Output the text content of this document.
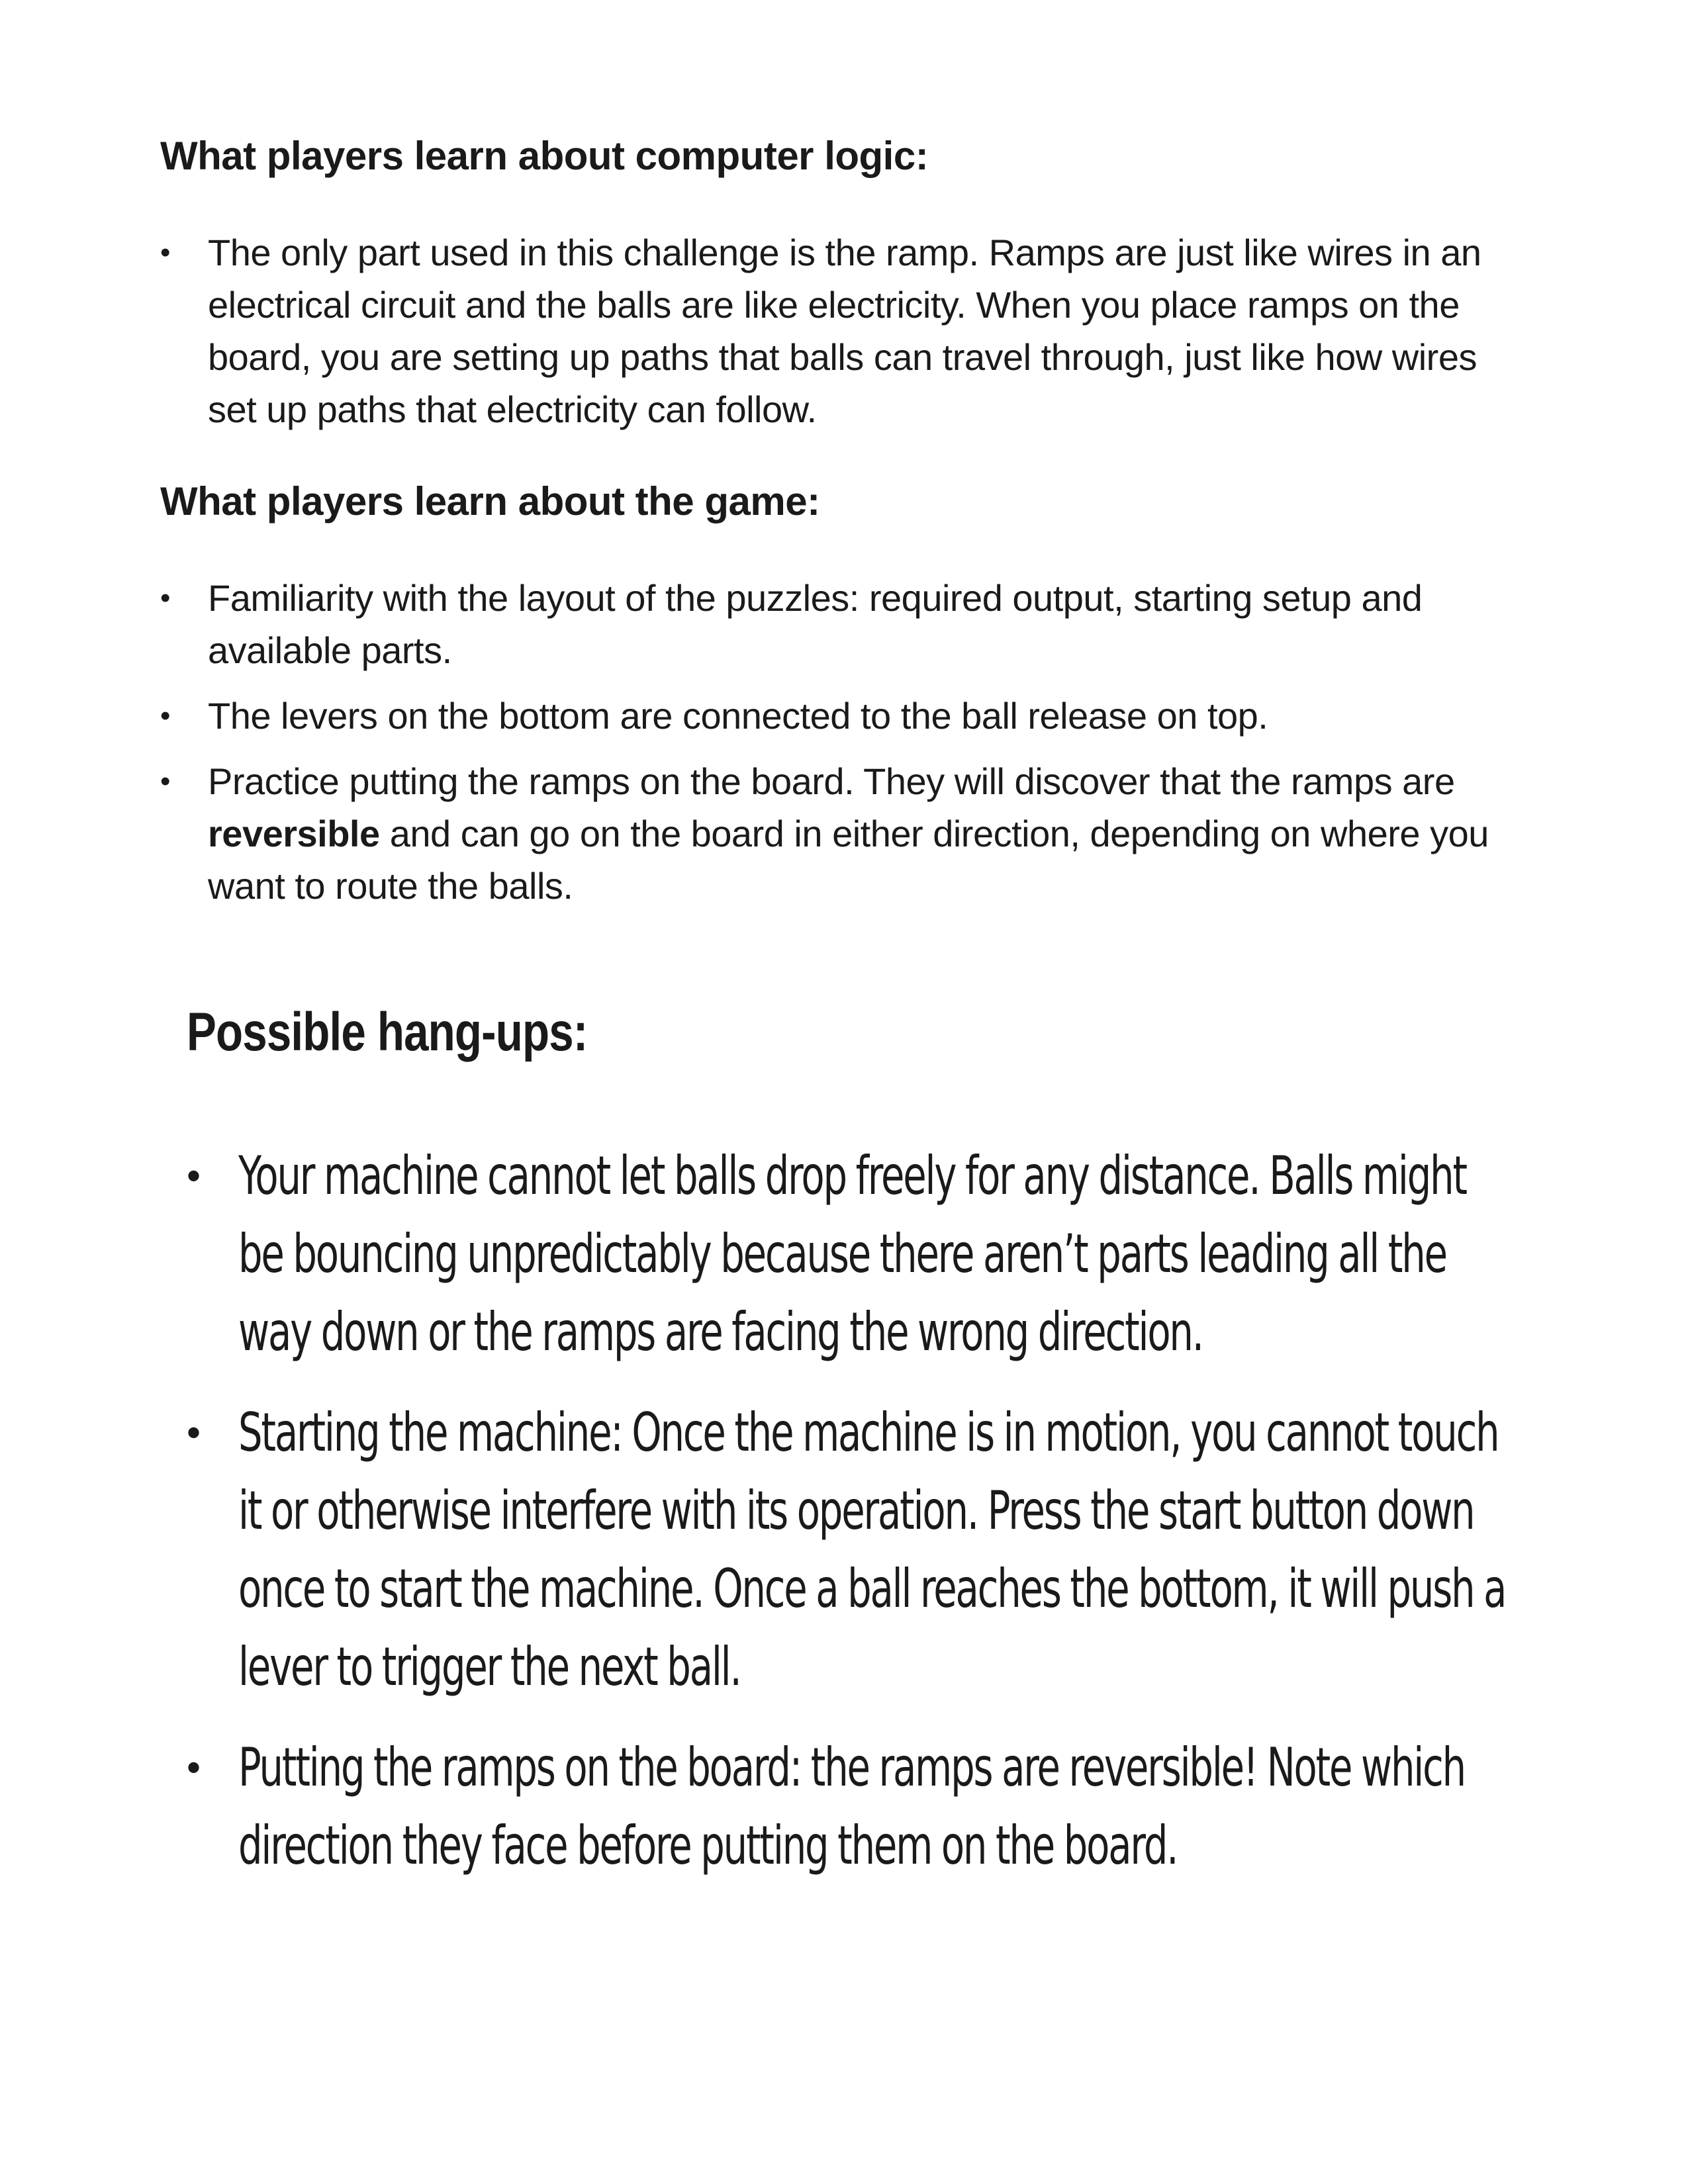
What players learn about computer logic:
•	The only part used in this challenge is the ramp. Ramps are just like wires in an electrical circuit and the balls are like electricity. When you place ramps on the board, you are setting up paths that balls can travel through, just like how wires set up paths that electricity can follow.
What players learn about the game:
•	Familiarity with the layout of the puzzles: required output, starting setup and available parts.
•	The levers on the bottom are connected to the ball release on top.
•	Practice putting the ramps on the board. They will discover that the ramps are reversible and can go on the board in either direction, depending on where you want to route the balls.
Possible hang-ups:
• Your machine cannot let balls drop freely for any distance. Balls might be bouncing unpredictably because there aren’t parts leading all the way down or the ramps are facing the wrong direction.
• Starting the machine: Once the machine is in motion, you cannot touch it or otherwise interfere with its operation. Press the start button down once to start the machine. Once a ball reaches the bottom, it will push a lever to trigger the next ball.
• Putting the ramps on the board: the ramps are reversible! Note which direction they face before putting them on the board.
